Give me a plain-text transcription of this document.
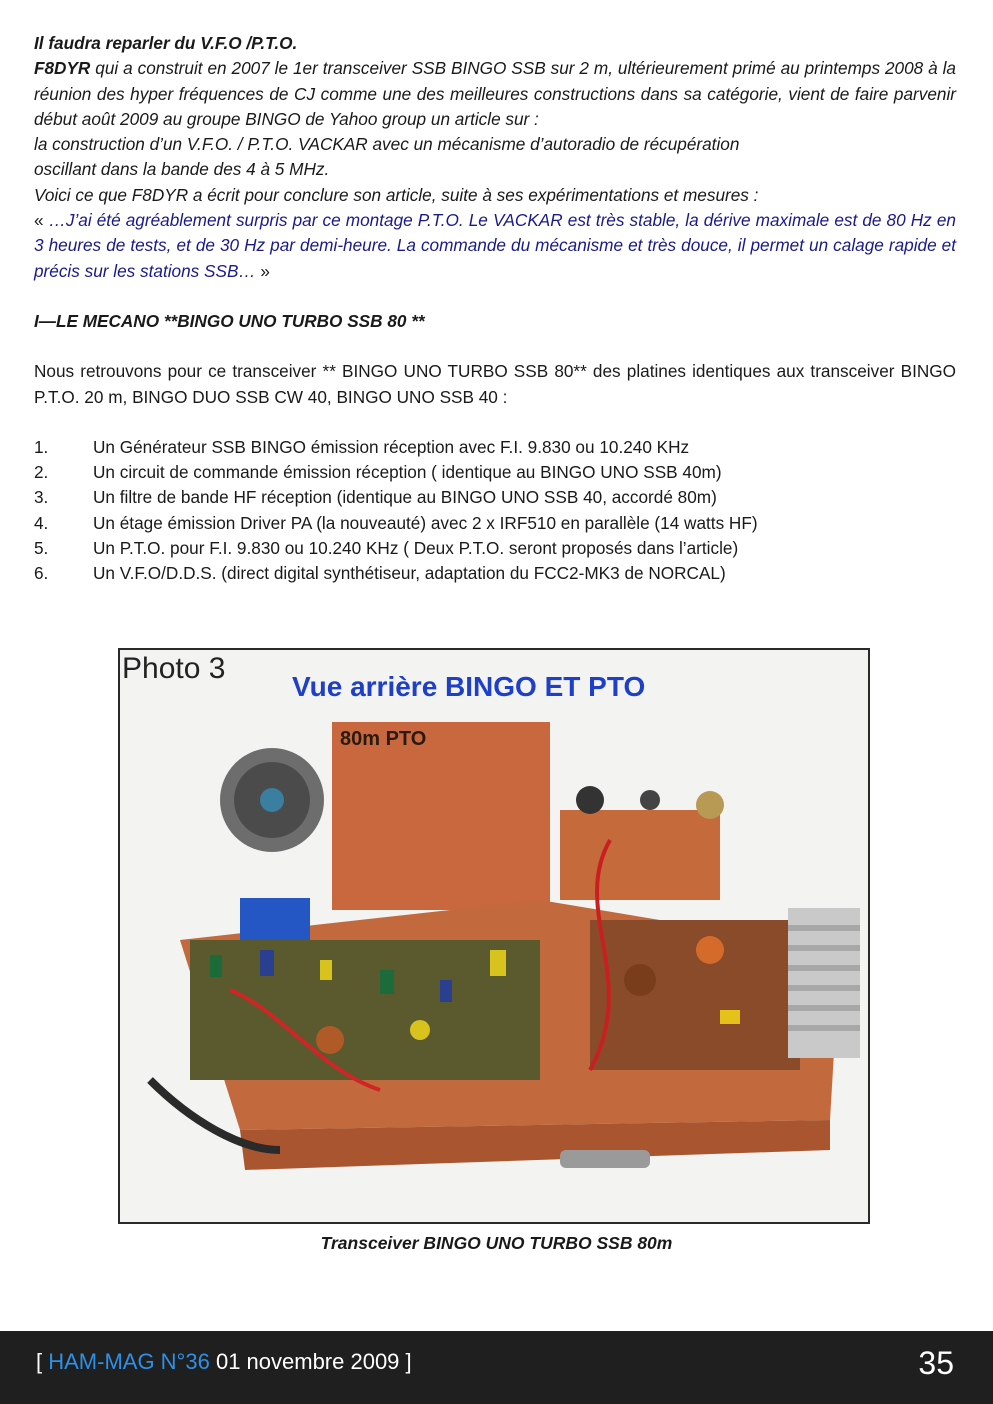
Il faudra reparler du V.F.O /P.T.O.

F8DYR qui a construit en 2007 le 1er transceiver SSB BINGO SSB sur 2 m, ultérieurement primé au printemps 2008 à la réunion des hyper fréquences de CJ comme une des meilleures constructions dans sa catégorie, vient de faire parvenir début août 2009 au groupe BINGO de Yahoo group un article sur :

la construction d’un V.F.O. / P.T.O. VACKAR avec un mécanisme d’autoradio de récupération

oscillant dans la bande des 4 à 5 MHz.

Voici ce que F8DYR a écrit pour conclure son article, suite à ses expérimentations et mesures :

« …J’ai été agréablement surpris par ce montage P.T.O. Le VACKAR est très stable, la dérive maximale est de 80 Hz en 3 heures de tests, et de 30 Hz par demi-heure. La commande du mécanisme et très douce, il permet un calage rapide et précis sur les stations SSB… »

I—LE MECANO **BINGO UNO TURBO SSB 80 **

Nous retrouvons pour ce transceiver ** BINGO UNO TURBO SSB 80** des platines identiques aux transceiver BINGO P.T.O. 20 m, BINGO DUO SSB CW 40, BINGO UNO SSB 40 :

1.	Un Générateur SSB BINGO émission réception avec F.I. 9.830 ou 10.240 KHz
2.	Un circuit de commande émission réception ( identique au BINGO UNO SSB 40m)
3.	Un filtre de bande HF réception (identique au BINGO UNO SSB 40, accordé 80m)
4.	Un étage émission Driver PA (la nouveauté) avec 2 x IRF510 en parallèle (14 watts HF)
5.	Un P.T.O. pour F.I. 9.830 ou 10.240 KHz ( Deux P.T.O. seront proposés dans l’article)
6.	Un V.F.O/D.D.S. (direct digital synthétiseur, adaptation du FCC2-MK3 de NORCAL)
Photo 3
Vue arrière BINGO ET PTO
80m PTO
Transceiver BINGO UNO TURBO SSB 80m
[ HAM-MAG N°36 01 novembre 2009 ]	35
